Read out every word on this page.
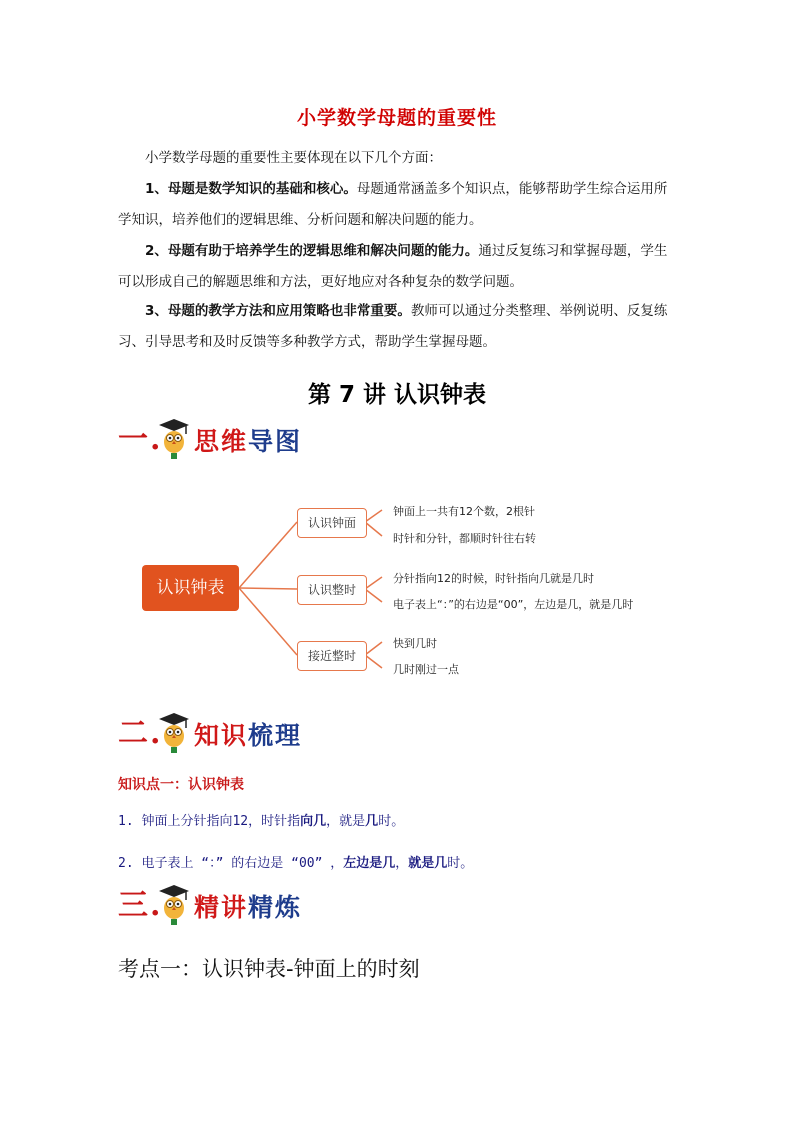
小学数学母题的重要性
小学数学母题的重要性主要体现在以下几个方面：
1、母题是数学知识的基础和核心。母题通常涵盖多个知识点，能够帮助学生综合运用所学知识，培养他们的逻辑思维、分析问题和解决问题的能力。
2、母题有助于培养学生的逻辑思维和解决问题的能力。通过反复练习和掌握母题，学生可以形成自己的解题思维和方法，更好地应对各种复杂的数学问题。
3、母题的教学方法和应用策略也非常重要。教师可以通过分类整理、举例说明、反复练习、引导思考和及时反馈等多种教学方式，帮助学生掌握母题。
第 7 讲 认识钟表
一. 思维导图
认识钟表
认识钟面
钟面上一共有12个数，2根针
时针和分针，都顺时针往右转
认识整时
分针指向12的时候，时针指向几就是几时
电子表上“：”的右边是“00”，左边是几，就是几时
接近整时
快到几时
几时刚过一点
二. 知识梳理
知识点一：认识钟表
1. 钟面上分针指向12，时针指向几，就是几时。
2. 电子表上 “：” 的右边是 “00” ，左边是几，就是几时。
三. 精讲精炼
考点一：认识钟表-钟面上的时刻
